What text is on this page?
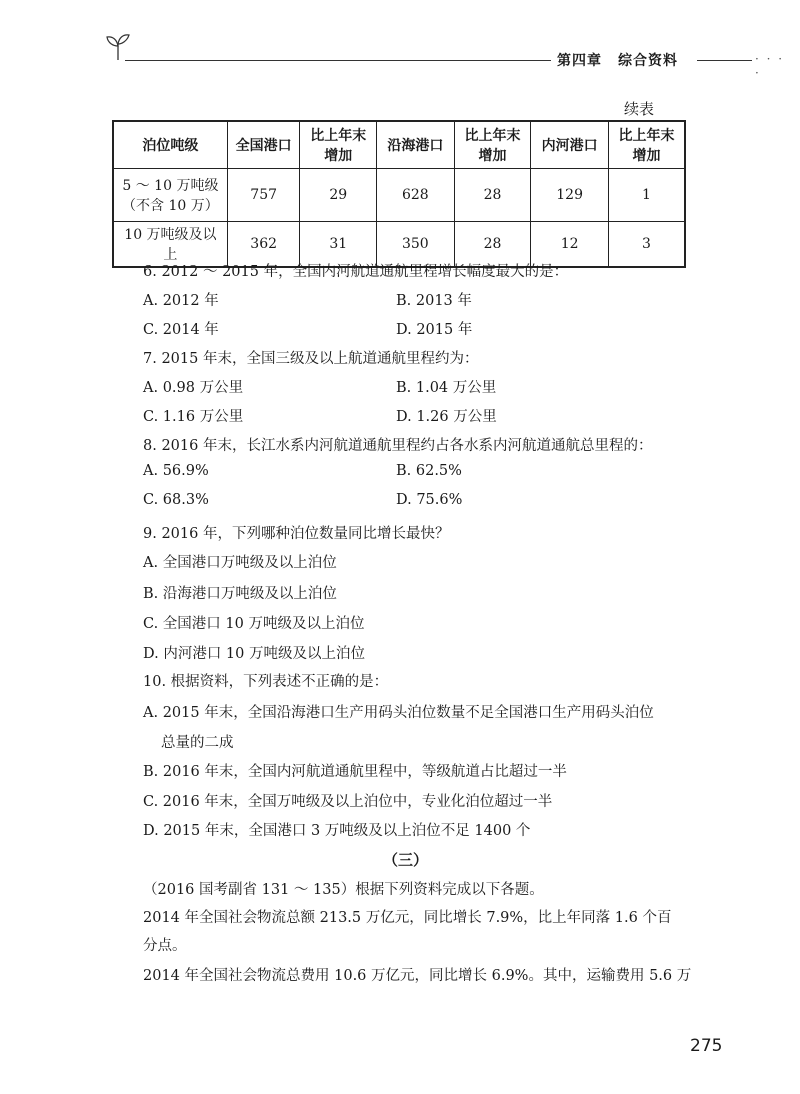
第四章 综合资料	· · · ·
续表
泊位吨级	全国港口	比上年末增加	沿海港口	比上年末增加	内河港口	比上年末增加
5 ～ 10 万吨级（不含 10 万）	757	29	628	28	129	1
10 万吨级及以上	362	31	350	28	12	3
6. 2012 ～ 2015 年，全国内河航道通航里程增长幅度最大的是：
A. 2012 年	B. 2013 年
C. 2014 年	D. 2015 年
7. 2015 年末，全国三级及以上航道通航里程约为：
A. 0.98 万公里	B. 1.04 万公里
C. 1.16 万公里	D. 1.26 万公里
8. 2016 年末，长江水系内河航道通航里程约占各水系内河航道通航总里程的：
A. 56.9%	B. 62.5%
C. 68.3%	D. 75.6%
9. 2016 年，下列哪种泊位数量同比增长最快？
A. 全国港口万吨级及以上泊位
B. 沿海港口万吨级及以上泊位
C. 全国港口 10 万吨级及以上泊位
D. 内河港口 10 万吨级及以上泊位
10. 根据资料，下列表述不正确的是：
A. 2015 年末，全国沿海港口生产用码头泊位数量不足全国港口生产用码头泊位
总量的二成
B. 2016 年末，全国内河航道通航里程中，等级航道占比超过一半
C. 2016 年末，全国万吨级及以上泊位中，专业化泊位超过一半
D. 2015 年末，全国港口 3 万吨级及以上泊位不足 1400 个
（2016 国考副省 131 ～ 135）根据下列资料完成以下各题。
2014 年全国社会物流总额 213.5 万亿元，同比增长 7.9%，比上年同落 1.6 个百
分点。
2014 年全国社会物流总费用 10.6 万亿元，同比增长 6.9%。其中，运输费用 5.6 万
（三）
275
